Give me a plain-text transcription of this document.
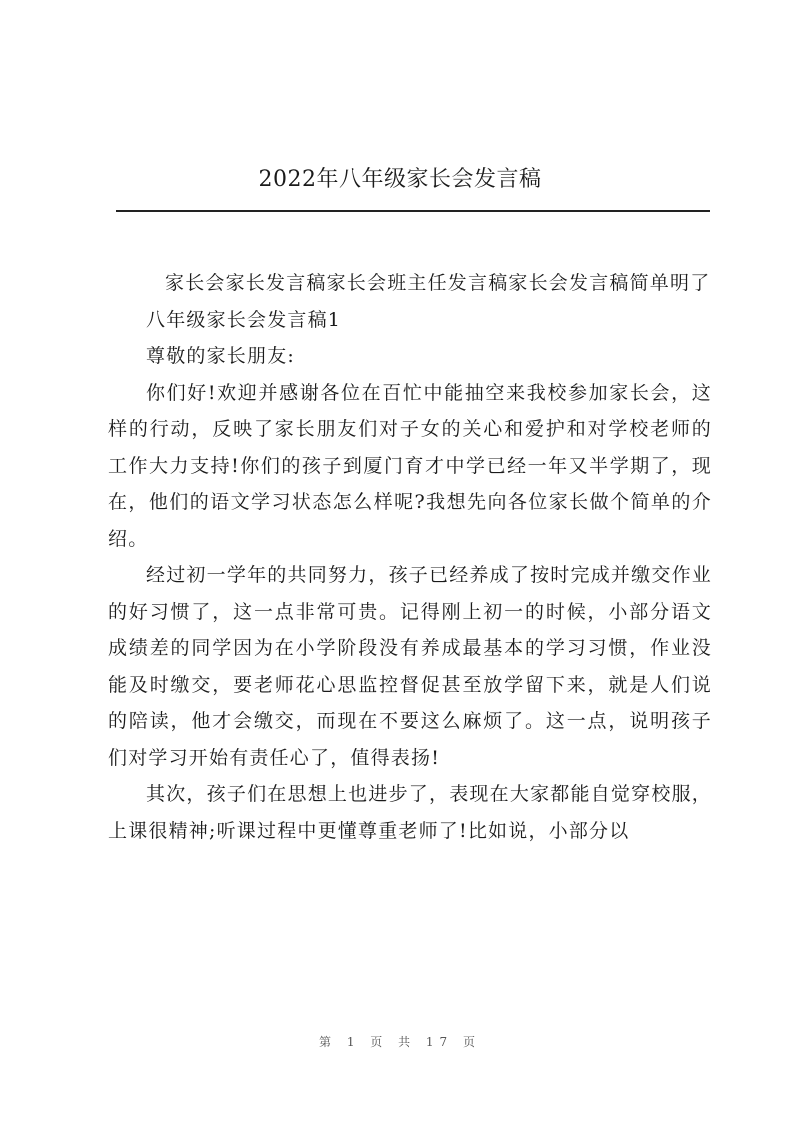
2022年八年级家长会发言稿

家长会家长发言稿家长会班主任发言稿家长会发言稿简单明了

八年级家长会发言稿1

尊敬的家长朋友:

你们好!欢迎并感谢各位在百忙中能抽空来我校参加家长会，这样的行动，反映了家长朋友们对子女的关心和爱护和对学校老师的工作大力支持!你们的孩子到厦门育才中学已经一年又半学期了，现在，他们的语文学习状态怎么样呢?我想先向各位家长做个简单的介绍。

经过初一学年的共同努力，孩子已经养成了按时完成并缴交作业的好习惯了，这一点非常可贵。记得刚上初一的时候，小部分语文成绩差的同学因为在小学阶段没有养成最基本的学习习惯，作业没能及时缴交，要老师花心思监控督促甚至放学留下来，就是人们说的陪读，他才会缴交，而现在不要这么麻烦了。这一点，说明孩子们对学习开始有责任心了，值得表扬!

其次，孩子们在思想上也进步了，表现在大家都能自觉穿校服，上课很精神;听课过程中更懂尊重老师了!比如说，小部分以

第 1 页 共 17 页
